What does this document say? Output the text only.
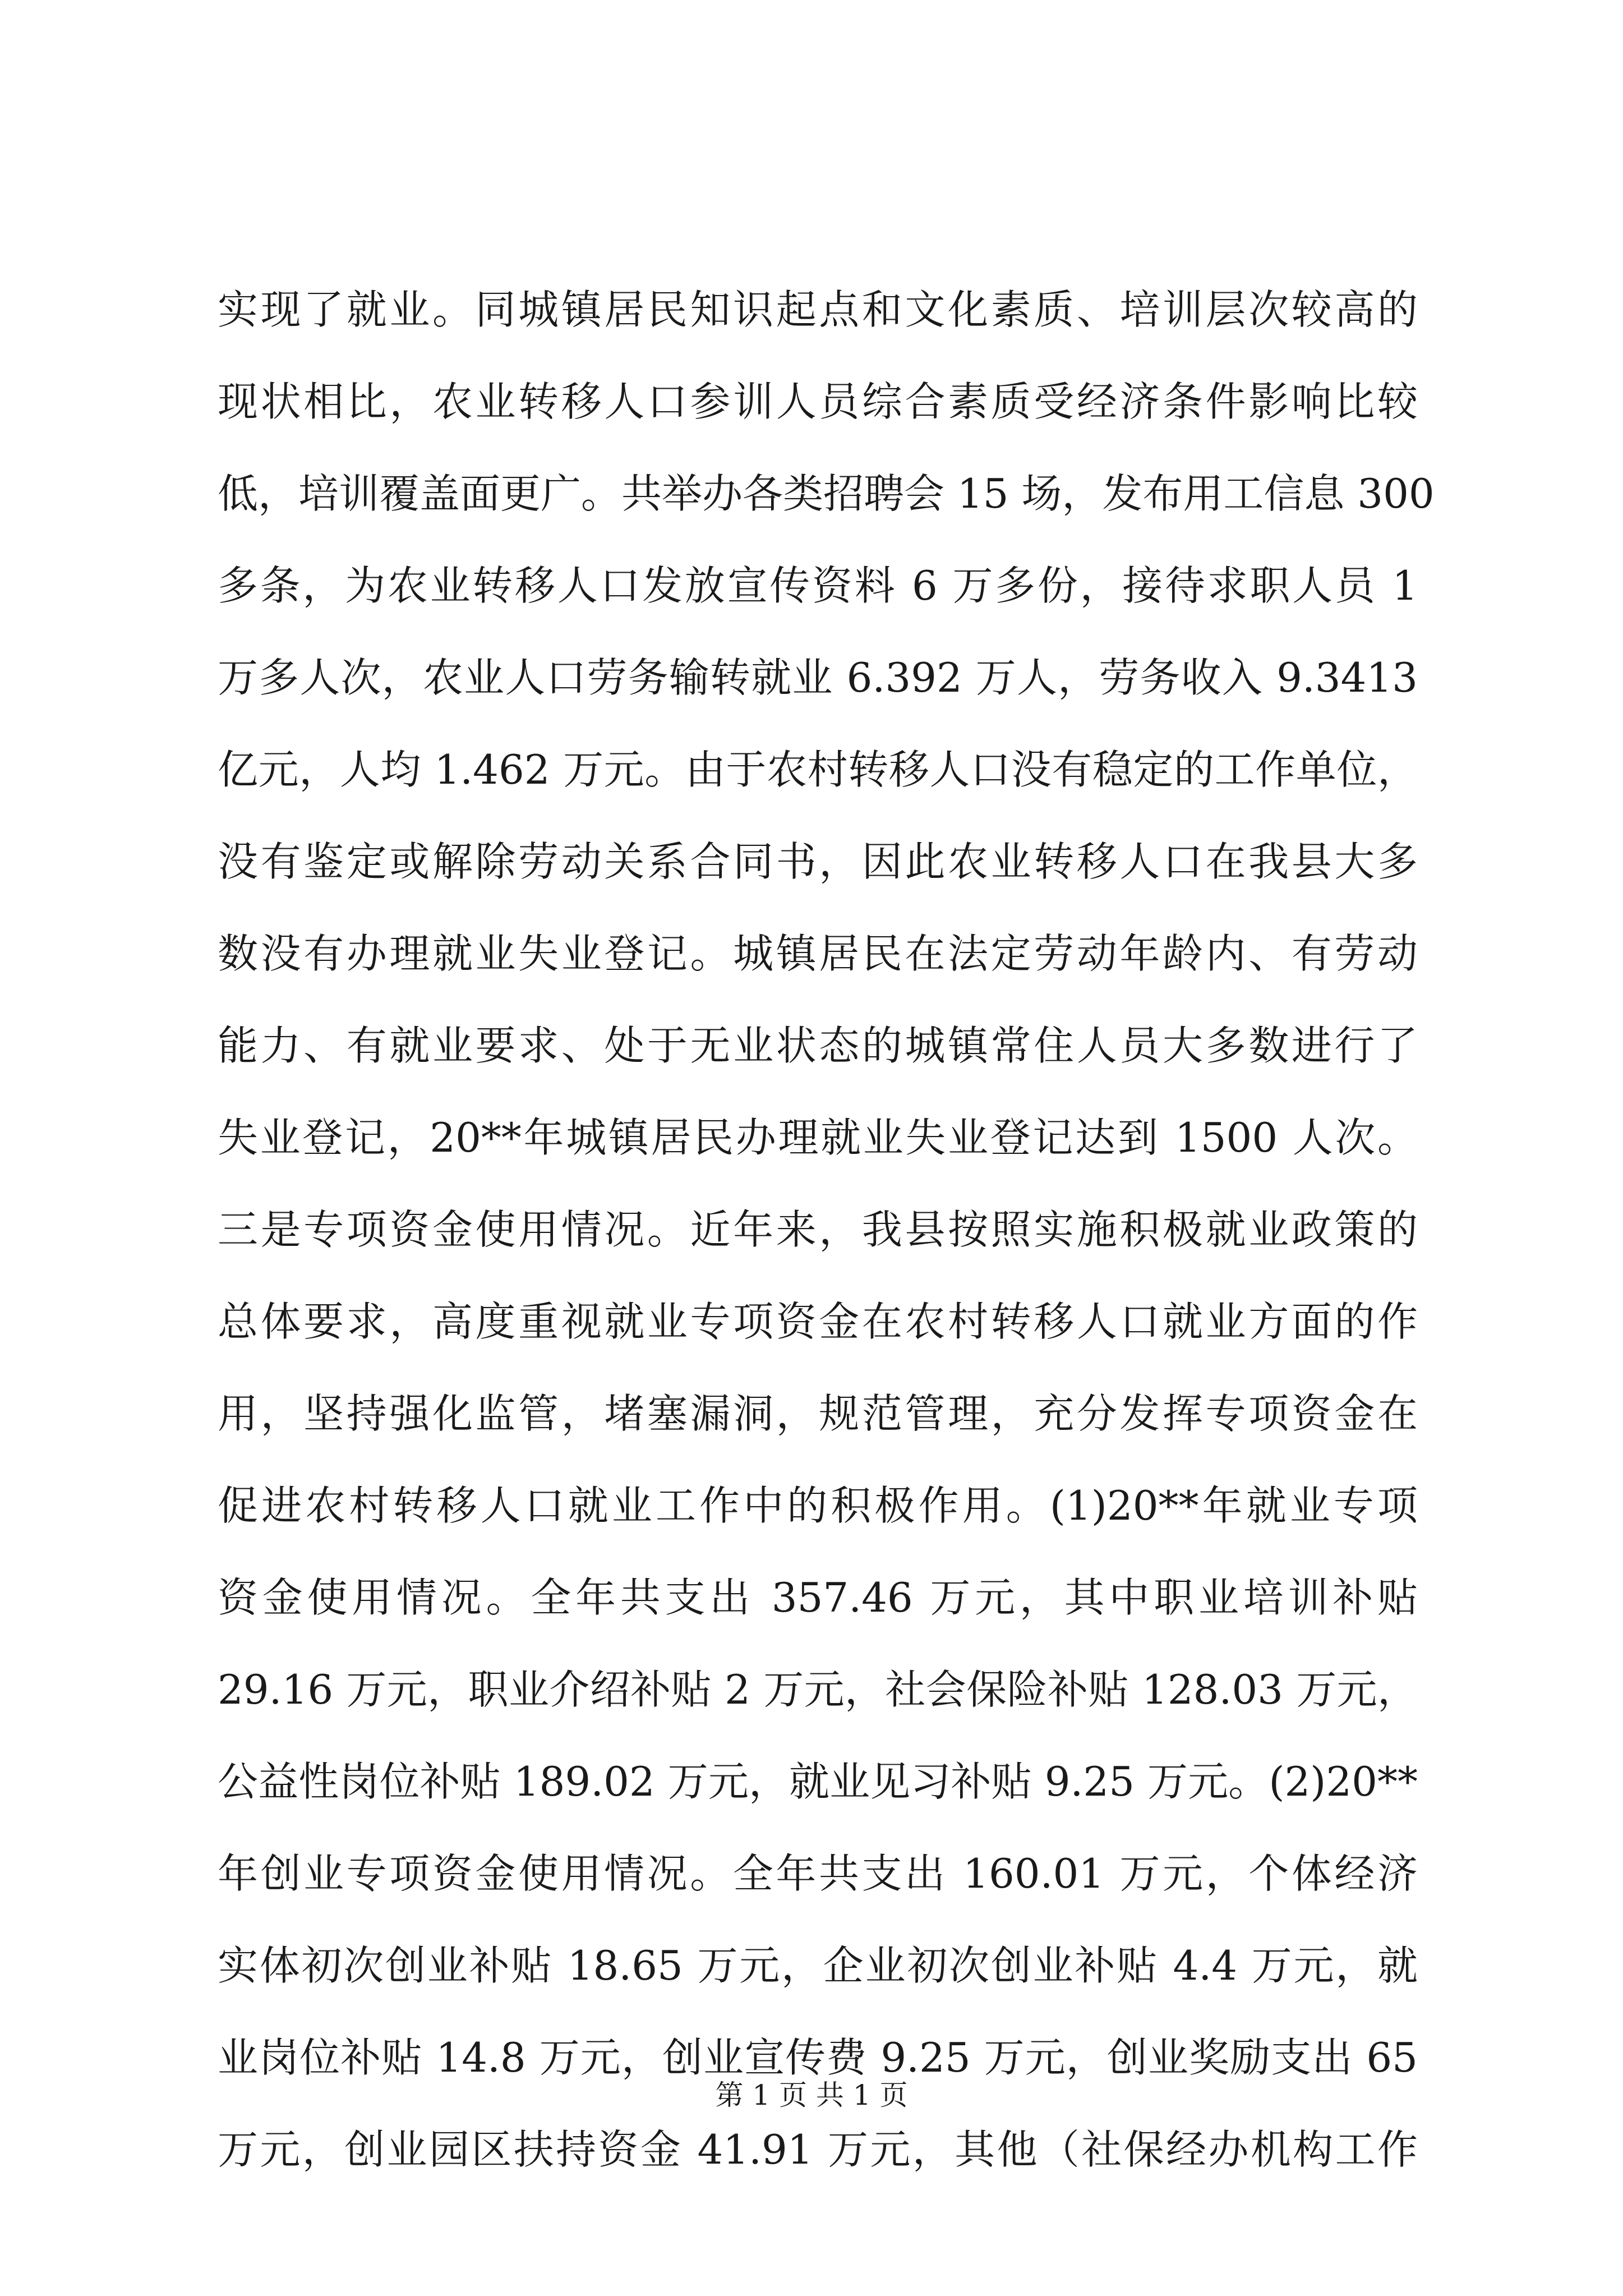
实现了就业。同城镇居民知识起点和文化素质、培训层次较高的
现状相比，农业转移人口参训人员综合素质受经济条件影响比较
低，培训覆盖面更广。共举办各类招聘会 15 场，发布用工信息 300
多条，为农业转移人口发放宣传资料 6 万多份，接待求职人员 1
万多人次，农业人口劳务输转就业 6.392 万人，劳务收入 9.3413
亿元，人均 1.462 万元。由于农村转移人口没有稳定的工作单位，
没有鉴定或解除劳动关系合同书，因此农业转移人口在我县大多
数没有办理就业失业登记。城镇居民在法定劳动年龄内、有劳动
能力、有就业要求、处于无业状态的城镇常住人员大多数进行了
失业登记，20**年城镇居民办理就业失业登记达到 1500 人次。
三是专项资金使用情况。近年来，我县按照实施积极就业政策的
总体要求，高度重视就业专项资金在农村转移人口就业方面的作
用，坚持强化监管，堵塞漏洞，规范管理，充分发挥专项资金在
促进农村转移人口就业工作中的积极作用。(1)20**年就业专项
资金使用情况。全年共支出 357.46 万元，其中职业培训补贴
29.16 万元，职业介绍补贴 2 万元，社会保险补贴 128.03 万元，
公益性岗位补贴 189.02 万元，就业见习补贴 9.25 万元。(2)20**
年创业专项资金使用情况。全年共支出 160.01 万元，个体经济
实体初次创业补贴 18.65 万元，企业初次创业补贴 4.4 万元，就
业岗位补贴 14.8 万元，创业宣传费 9.25 万元，创业奖励支出 65
万元，创业园区扶持资金 41.91 万元，其他（社保经办机构工作
第 1 页 共 1 页
